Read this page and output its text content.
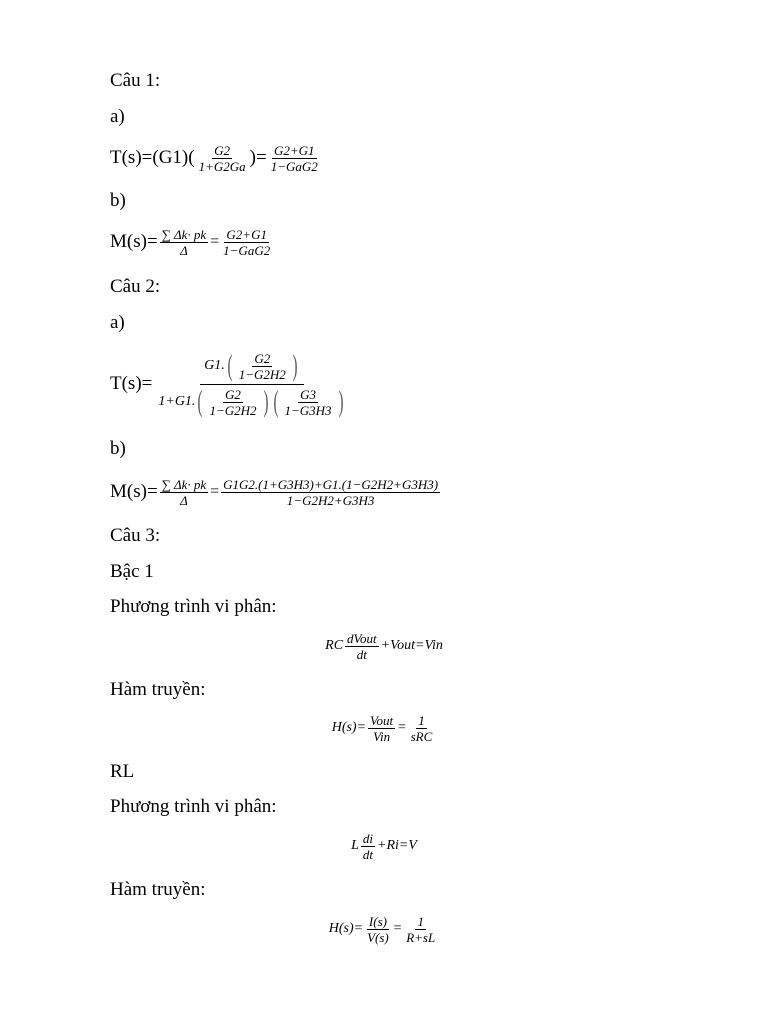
Câu 1:
a)
$T(s)=(G1)( \frac{G2}{1+G2Ga}$ )= $\frac{G2+G1}{\text{1−GaG2}}$
b)
$M(s)= \frac{\sum \Delta k\cdot pk}{\Delta} = \frac{G2+G1}{\text{1−GaG2}}$
Câu 2:
a)
T(s)=
G1. ( $\frac{G2}{1-G2H2}$ )
1+G1. ( $\frac{G2}{1-G2H2}$ ) ( $\frac{G3}{1-G3H3}$ )
b)
$M(s)= \frac{\sum \Delta k\cdot pk}{\Delta} = \frac{G1G2.(1+G3H3)+G1.(1-G2H2+G3H3)}{1-G2H2+G3H3}$
Câu 3:
Bậc 1
Phương trình vi phân:
RC $\frac{\text{dVout}}{dt}$ +Vout=Vin
Hàm truyền:
$H(s)= \frac{\text{Vout}}{\text{Vin}} = \frac{1}{\text{sRC}}$
RL
Phương trình vi phân:
L $\frac{di}{dt} +Ri=V$
Hàm truyền:
$H(s)= \frac{I(s)}{V(s)} = \frac{1}{R+sL}$
